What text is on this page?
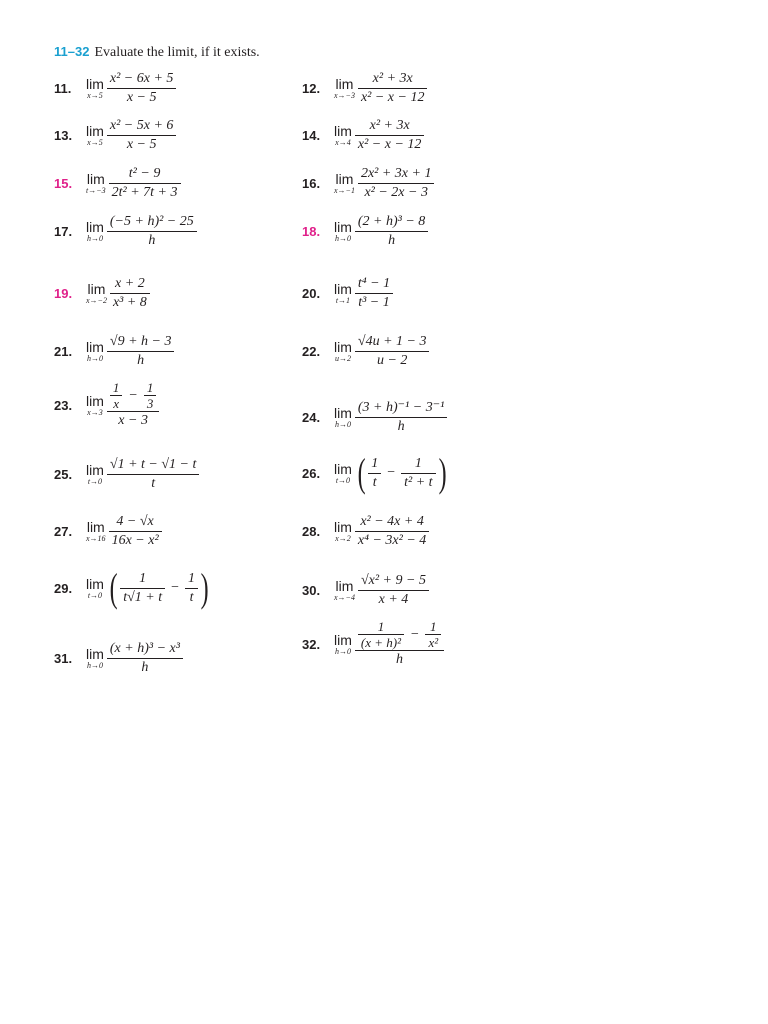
11–32 Evaluate the limit, if it exists.
11.	lim
$x\to 5 \frac{\text{x² − 6x + 5}}{x - 5}$	12.	lim
$x\to-3 \frac{\text{x² + 3x}}{\text{x² − x − 12}}$
13. lim
$x\to 5 \frac{\text{x² − 5x + 6}}{x - 5}$	14. lim
$x\to 4 \frac{\text{x² + 3x}}{\text{x² − x − 12}}$
15.	lim
$t\to-3 \frac{\text{t² − 9}}{\text{2t² + 7t + 3}}$	16.	lim
$x\to-1 \frac{\text{2x² + 3x + 1}}{\text{x² − 2x − 3}}$
17. lim
$h\to 0 \frac{\text{(−5 + h)² − 25}}{h}$	18. lim
$h\to 0 \frac{\text{(2 + h)³ − 8}}{h}$
19.	lim
$x\to-2 \frac{x + 2}{\text{x³ + 8}}$	20. lim
$t\to 1 \frac{\text{t⁴ − 1}}{\text{t³ − 1}}$
21. lim
$h\to 0 \frac{√9 + h - 3}{h}$	22. lim
$u\to 2 \frac{√4u + 1 - 3}{u - 2}$
23. lim
$x\to 3 \frac{\frac{1}{x} - \frac{1}{3}}{x - 3}$	24. lim
$h\to 0 \frac{\text{(3 + h)⁻¹ − 3⁻¹}}{h}$
25. lim
$t\to 0 \frac{√1 + t - √1 - t}{t}$	26. lim
t→0 ( $\frac{1}{t} - \frac{1}{\text{t² + t}}$ )
27.	lim
$x\to 16 \frac{4 - √x}{\text{16x − x²}}$	28. lim
$x\to 2 \frac{\text{x² − 4x + 4}}{\text{x⁴ − 3x² − 4}}$
29. lim
t→0 ( $\frac{1}{t√1 + t} - \frac{1}{t}$ )	30.	lim
$x\to-4 \frac{\text{√x² + 9 − 5}}{x + 4}$
31. lim
$h\to 0 \frac{\text{(x + h)³ − x³}}{h}$	32. lim
$h\to 0 \frac{\frac{1}{\text{(x + h)²}} - \frac{1}{\text{x²}}}{h}$
